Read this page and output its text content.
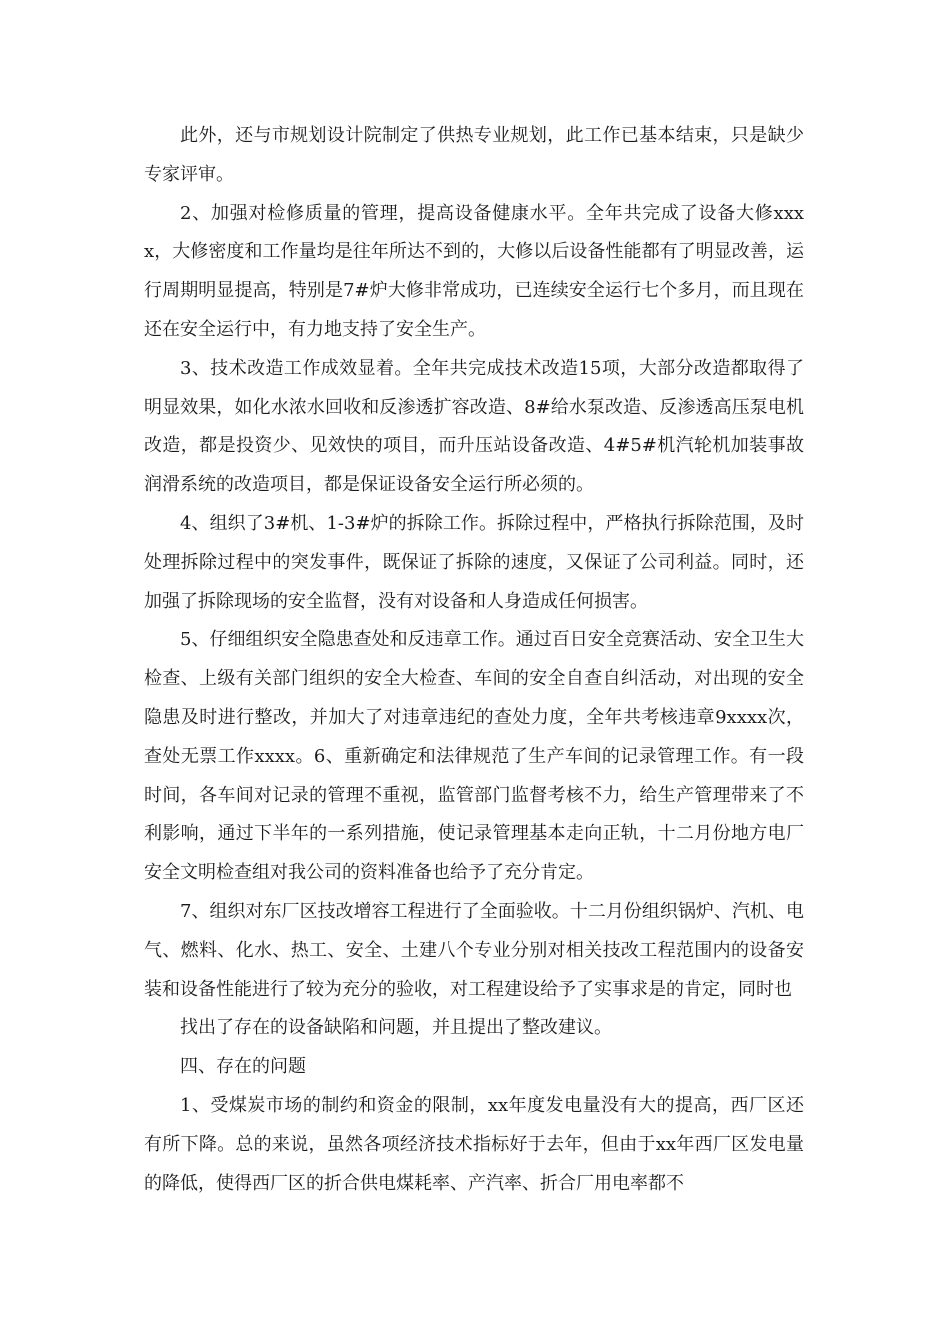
此外，还与市规划设计院制定了供热专业规划，此工作已基本结束，只是缺少专家评审。

2、加强对检修质量的管理，提高设备健康水平。全年共完成了设备大修xxxx，大修密度和工作量均是往年所达不到的，大修以后设备性能都有了明显改善，运行周期明显提高，特别是7#炉大修非常成功，已连续安全运行七个多月，而且现在还在安全运行中，有力地支持了安全生产。

3、技术改造工作成效显着。全年共完成技术改造15项，大部分改造都取得了明显效果，如化水浓水回收和反渗透扩容改造、8#给水泵改造、反渗透高压泵电机改造，都是投资少、见效快的项目，而升压站设备改造、4#5#机汽轮机加装事故润滑系统的改造项目，都是保证设备安全运行所必须的。

4、组织了3#机、1-3#炉的拆除工作。拆除过程中，严格执行拆除范围，及时处理拆除过程中的突发事件，既保证了拆除的速度，又保证了公司利益。同时，还加强了拆除现场的安全监督，没有对设备和人身造成任何损害。

5、仔细组织安全隐患查处和反违章工作。通过百日安全竞赛活动、安全卫生大检查、上级有关部门组织的安全大检查、车间的安全自查自纠活动，对出现的安全隐患及时进行整改，并加大了对违章违纪的查处力度，全年共考核违章9xxxx次，查处无票工作xxxx。6、重新确定和法律规范了生产车间的记录管理工作。有一段时间，各车间对记录的管理不重视，监管部门监督考核不力，给生产管理带来了不利影响，通过下半年的一系列措施，使记录管理基本走向正轨，十二月份地方电厂安全文明检查组对我公司的资料准备也给予了充分肯定。

7、组织对东厂区技改增容工程进行了全面验收。十二月份组织锅炉、汽机、电气、燃料、化水、热工、安全、土建八个专业分别对相关技改工程范围内的设备安装和设备性能进行了较为充分的验收，对工程建设给予了实事求是的肯定，同时也

找出了存在的设备缺陷和问题，并且提出了整改建议。

四、存在的问题

1、受煤炭市场的制约和资金的限制，xx年度发电量没有大的提高，西厂区还有所下降。总的来说，虽然各项经济技术指标好于去年，但由于xx年西厂区发电量的降低，使得西厂区的折合供电煤耗率、产汽率、折合厂用电率都不
